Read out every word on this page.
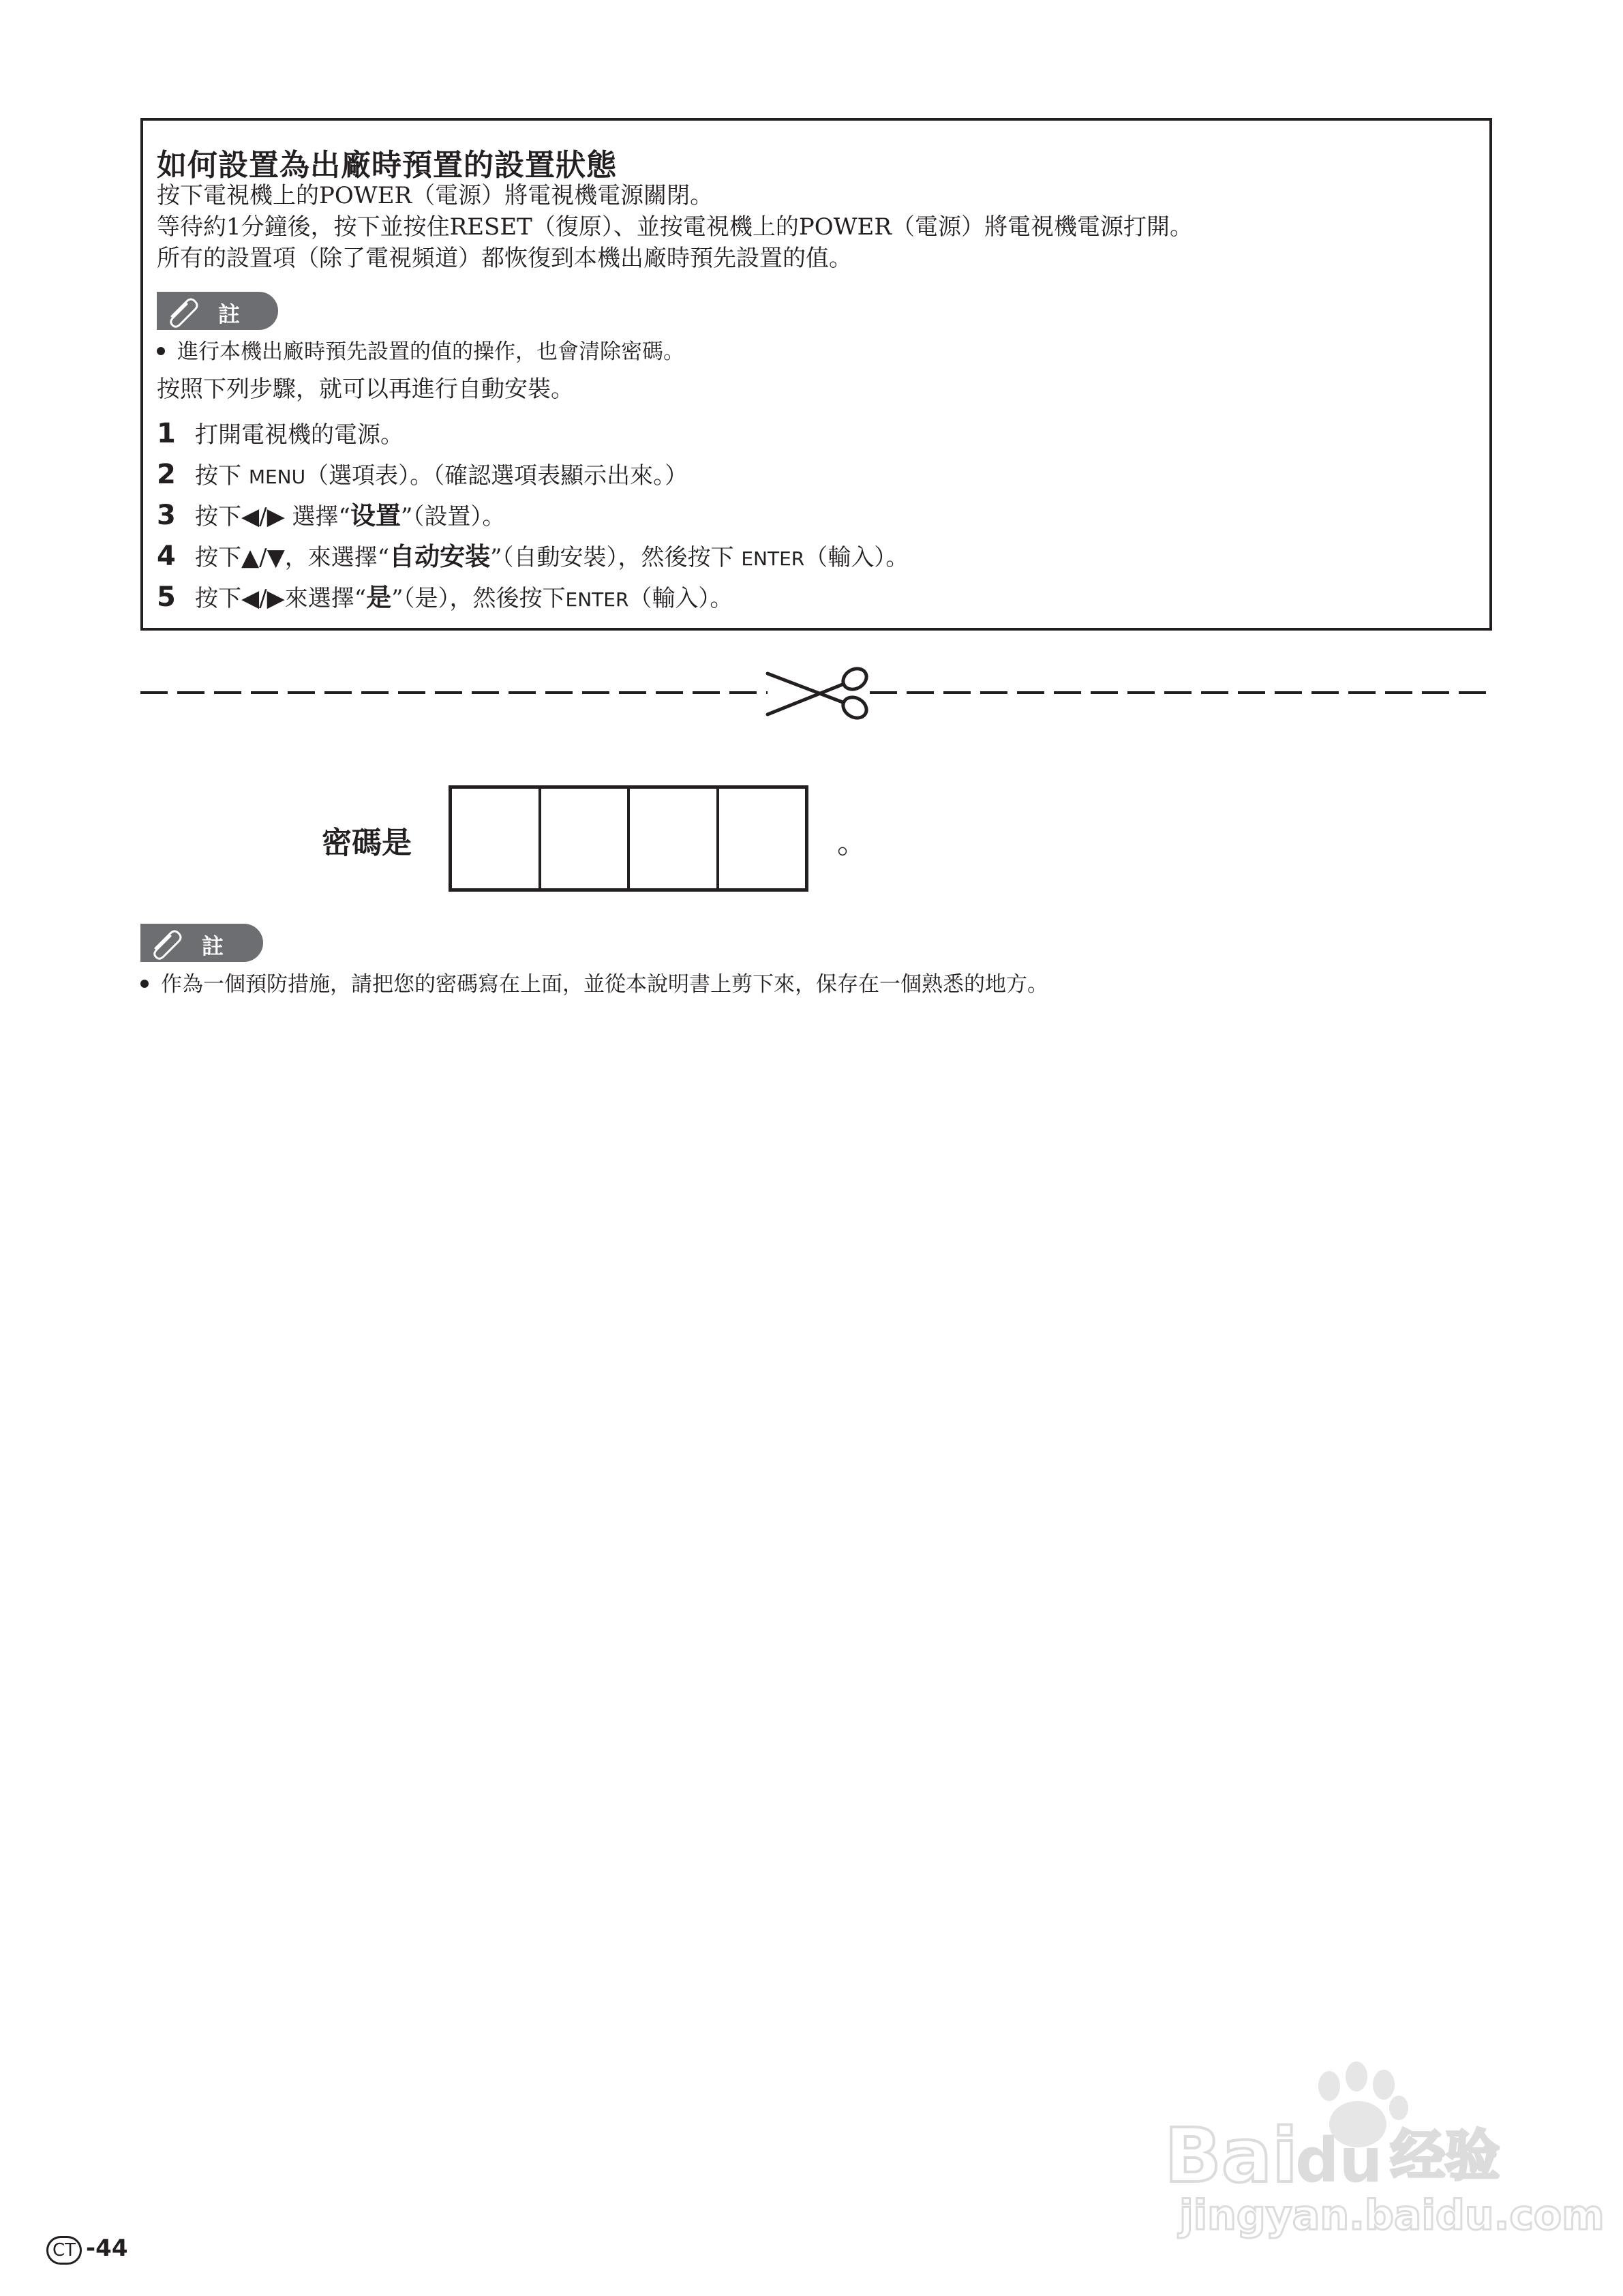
如何設置為出廠時預置的設置狀態
按下電視機上的POWER（電源）將電視機電源關閉。
等待約1分鐘後，按下並按住RESET（復原）、並按電視機上的POWER（電源）將電視機電源打開。
所有的設置項（除了電視頻道）都恢復到本機出廠時預先設置的值。
註
進行本機出廠時預先設置的值的操作，也會清除密碼。
按照下列步驟，就可以再進行自動安裝。
1 打開電視機的電源。
2 按下 MENU（選項表）。（確認選項表顯示出來。）
3 按下◀/▶ 選擇“设置”（設置）。
4 按下▲/▼，來選擇“自动安装”（自動安裝），然後按下 ENTER（輸入）。
5 按下◀/▶來選擇“是”（是），然後按下ENTER（輸入）。
密碼是	。
註
作為一個預防措施，請把您的密碼寫在上面，並從本說明書上剪下來，保存在一個熟悉的地方。
Bai
du 经验
jingyan.baidu.com
CT -44
